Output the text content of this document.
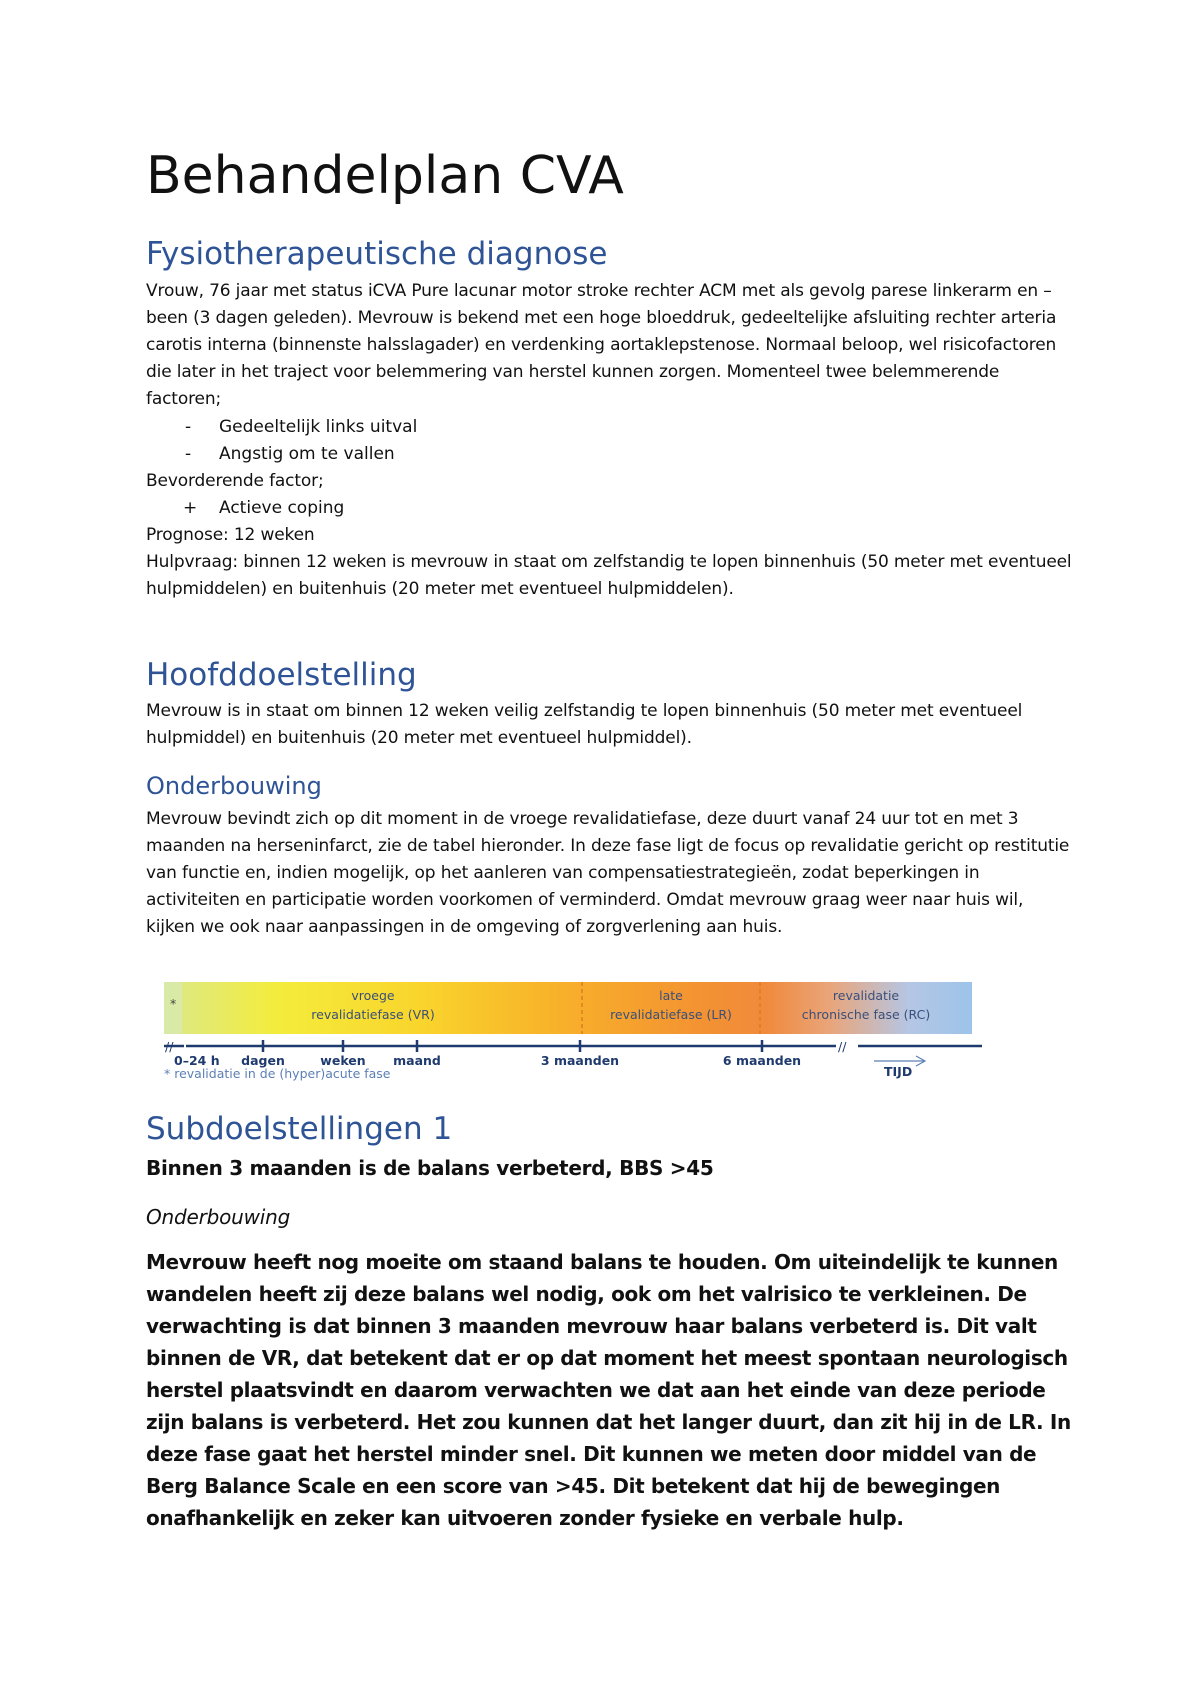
Behandelplan CVA
Fysiotherapeutische diagnose

Vrouw, 76 jaar met status iCVA Pure lacunar motor stroke rechter ACM met als gevolg parese linkerarm en –been (3 dagen geleden). Mevrouw is bekend met een hoge bloeddruk, gedeeltelijke afsluiting rechter arteria carotis interna (binnenste halsslagader) en verdenking aortaklepstenose. Normaal beloop, wel risicofactoren die later in het traject voor belemmering van herstel kunnen zorgen. Momenteel twee belemmerende factoren;

- Gedeeltelijk links uitval
- Angstig om te vallen
Bevorderende factor;
+ Actieve coping
Prognose: 12 weken

Hulpvraag: binnen 12 weken is mevrouw in staat om zelfstandig te lopen binnenhuis (50 meter met eventueel hulpmiddelen) en buitenhuis (20 meter met eventueel hulpmiddelen).

Hoofddoelstelling

Mevrouw is in staat om binnen 12 weken veilig zelfstandig te lopen binnenhuis (50 meter met eventueel hulpmiddel) en buitenhuis (20 meter met eventueel hulpmiddel).

Onderbouwing

Mevrouw bevindt zich op dit moment in de vroege revalidatiefase, deze duurt vanaf 24 uur tot en met 3 maanden na herseninfarct, zie de tabel hieronder. In deze fase ligt de focus op revalidatie gericht op restitutie van functie en, indien mogelijk, op het aanleren van compensatiestrategieën, zodat beperkingen in activiteiten en participatie worden voorkomen of verminderd. Omdat mevrouw graag weer naar huis wil, kijken we ook naar aanpassingen in de omgeving of zorgverlening aan huis.

Subdoelstellingen 1
Binnen 3 maanden is de balans verbeterd, BBS >45
Onderbouwing

Mevrouw heeft nog moeite om staand balans te houden. Om uiteindelijk te kunnen wandelen heeft zij deze balans wel nodig, ook om het valrisico te verkleinen. De verwachting is dat binnen 3 maanden mevrouw haar balans verbeterd is. Dit valt binnen de VR, dat betekent dat er op dat moment het meest spontaan neurologisch herstel plaatsvindt en daarom verwachten we dat aan het einde van deze periode zijn balans is verbeterd. Het zou kunnen dat het langer duurt, dan zit hij in de LR. In deze fase gaat het herstel minder snel. Dit kunnen we meten door middel van de Berg Balance Scale en een score van >45. Dit betekent dat hij de bewegingen onafhankelijk en zeker kan uitvoeren zonder fysieke en verbale hulp.

*
vroege
revalidatiefase (VR)
late
revalidatiefase (LR)
revalidatie
chronische fase (RC)
//	//
0–24 h dagen	weken maand	3 maanden	6 maanden
* revalidatie in de (hyper)acute fase	TIJD
